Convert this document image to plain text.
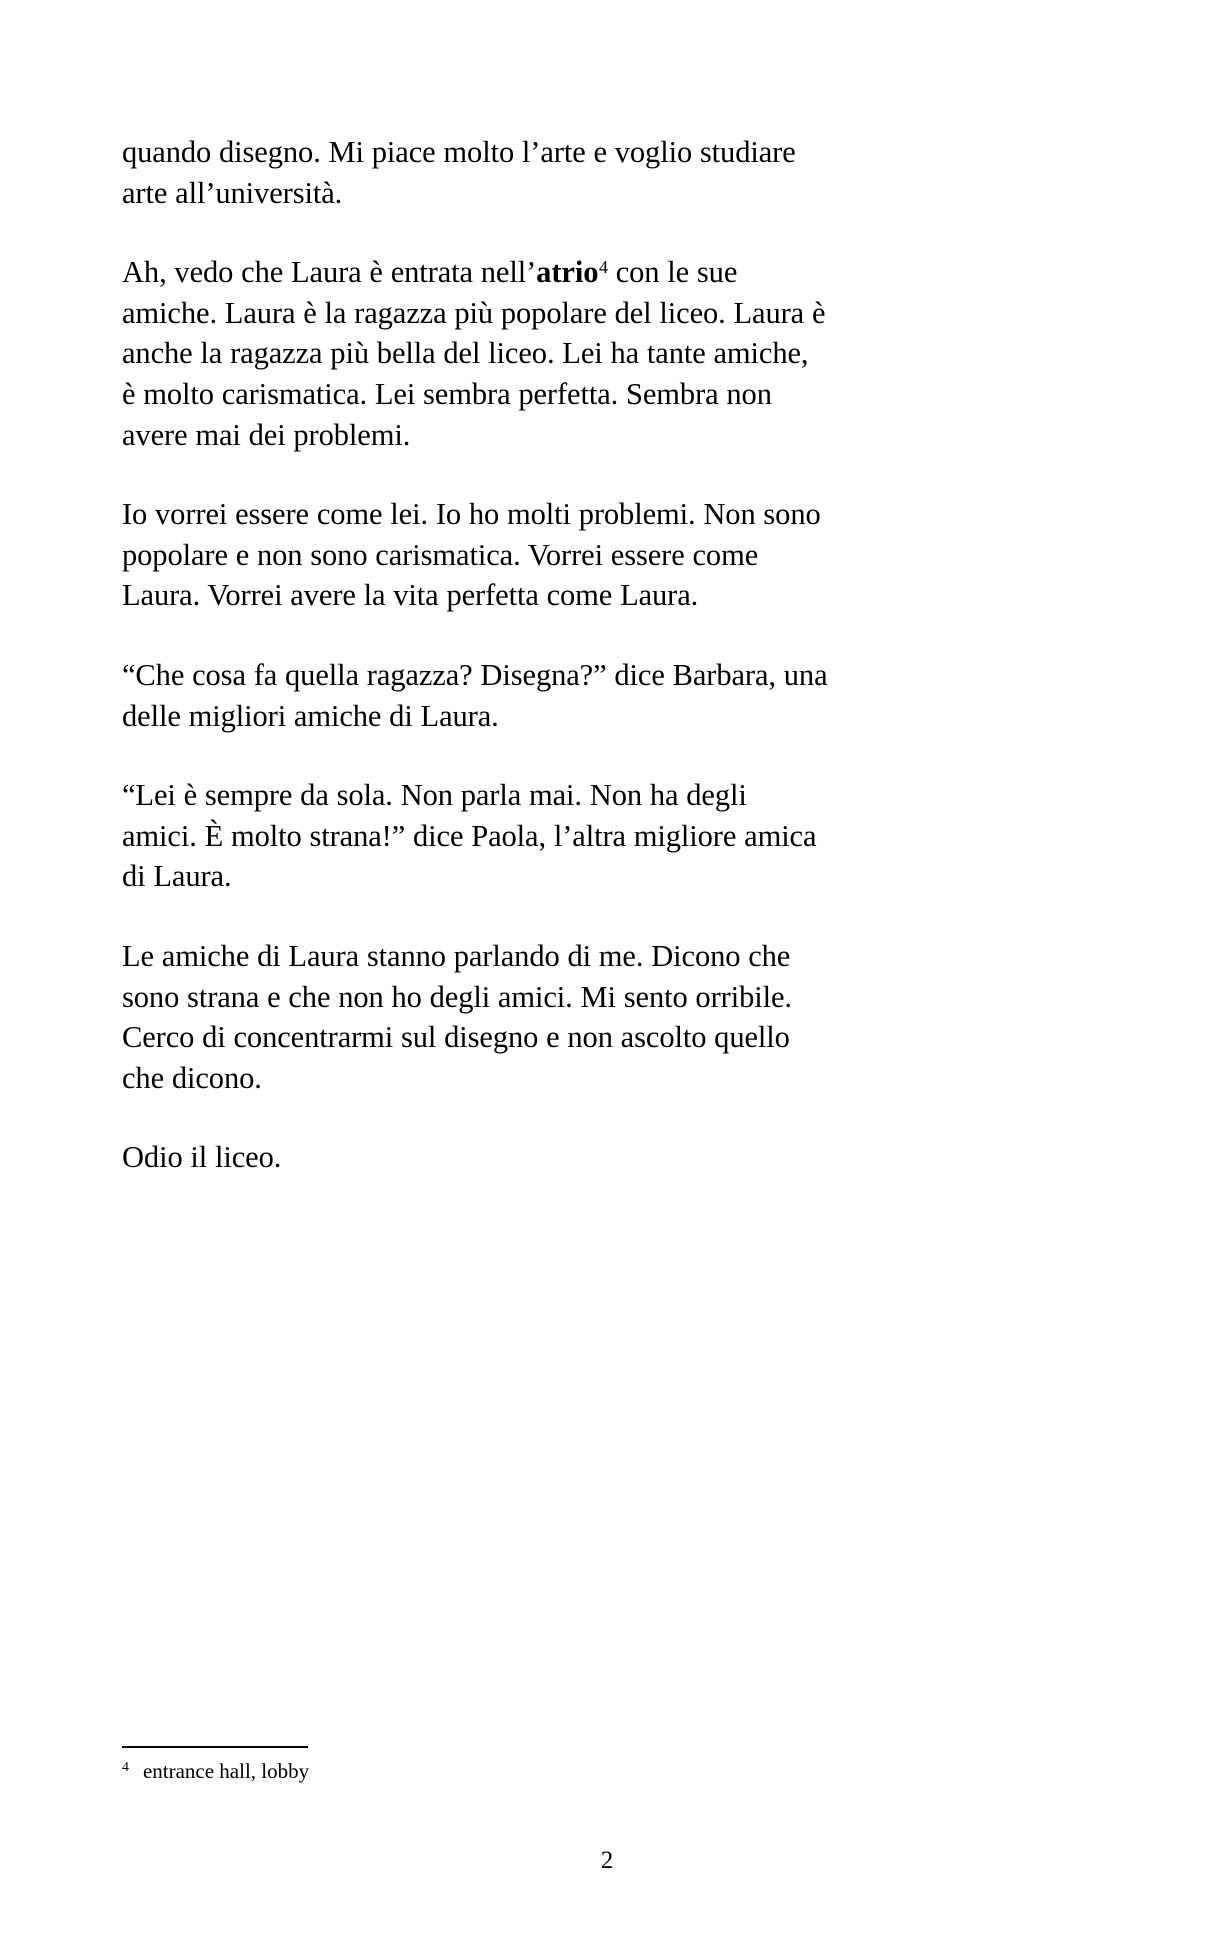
quando disegno. Mi piace molto l’arte e voglio studiare arte all’università.

Ah, vedo che Laura è entrata nell’atrio$^4$ con le sue amiche. Laura è la ragazza più popolare del liceo. Laura è anche la ragazza più bella del liceo. Lei ha tante amiche, è molto carismatica. Lei sembra perfetta. Sembra non avere mai dei problemi.

Io vorrei essere come lei. Io ho molti problemi. Non sono popolare e non sono carismatica. Vorrei essere come Laura. Vorrei avere la vita perfetta come Laura.

“Che cosa fa quella ragazza? Disegna?” dice Barbara, una delle migliori amiche di Laura.

“Lei è sempre da sola. Non parla mai. Non ha degli amici. È molto strana!” dice Paola, l’altra migliore amica di Laura.

Le amiche di Laura stanno parlando di me. Dicono che sono strana e che non ho degli amici. Mi sento orribile. Cerco di concentrarmi sul disegno e non ascolto quello che dicono.

Odio il liceo.

$^4$ entrance hall, lobby
2
